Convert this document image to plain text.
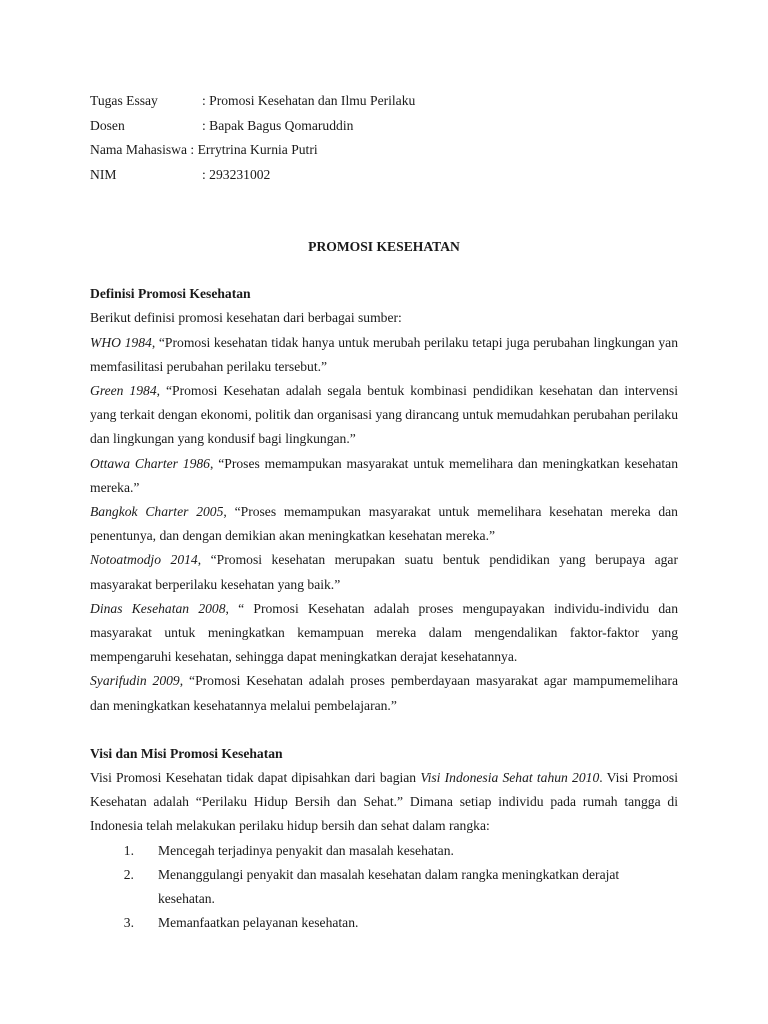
Tugas Essay	: Promosi Kesehatan dan Ilmu Perilaku
Dosen	: Bapak Bagus Qomaruddin
Nama Mahasiswa : Errytrina Kurnia Putri
NIM	: 293231002
PROMOSI KESEHATAN
Definisi Promosi Kesehatan

Berikut definisi promosi kesehatan dari berbagai sumber:

WHO 1984, “Promosi kesehatan tidak hanya untuk merubah perilaku tetapi juga perubahan lingkungan yan memfasilitasi perubahan perilaku tersebut.”

Green 1984, “Promosi Kesehatan adalah segala bentuk kombinasi pendidikan kesehatan dan intervensi yang terkait dengan ekonomi, politik dan organisasi yang dirancang untuk memudahkan perubahan perilaku dan lingkungan yang kondusif bagi lingkungan.”

Ottawa Charter 1986, “Proses memampukan masyarakat untuk memelihara dan meningkatkan kesehatan mereka.”

Bangkok Charter 2005, “Proses memampukan masyarakat untuk memelihara kesehatan mereka dan penentunya, dan dengan demikian akan meningkatkan kesehatan mereka.”

Notoatmodjo 2014, “Promosi kesehatan merupakan suatu bentuk pendidikan yang berupaya agar masyarakat berperilaku kesehatan yang baik.”

Dinas Kesehatan 2008, “ Promosi Kesehatan adalah proses mengupayakan individu-individu dan masyarakat untuk meningkatkan kemampuan mereka dalam mengendalikan faktor-faktor yang mempengaruhi kesehatan, sehingga dapat meningkatkan derajat kesehatannya.

Syarifudin 2009, “Promosi Kesehatan adalah proses pemberdayaan masyarakat agar mampumemelihara dan meningkatkan kesehatannya melalui pembelajaran.”

Visi dan Misi Promosi Kesehatan

Visi Promosi Kesehatan tidak dapat dipisahkan dari bagian Visi Indonesia Sehat tahun 2010. Visi Promosi Kesehatan adalah “Perilaku Hidup Bersih dan Sehat.” Dimana setiap individu pada rumah tangga di Indonesia telah melakukan perilaku hidup bersih dan sehat dalam rangka:

1.	Mencegah terjadinya penyakit dan masalah kesehatan.
2.	Menanggulangi penyakit dan masalah kesehatan dalam rangka meningkatkan derajat kesehatan.
3.	Memanfaatkan pelayanan kesehatan.
